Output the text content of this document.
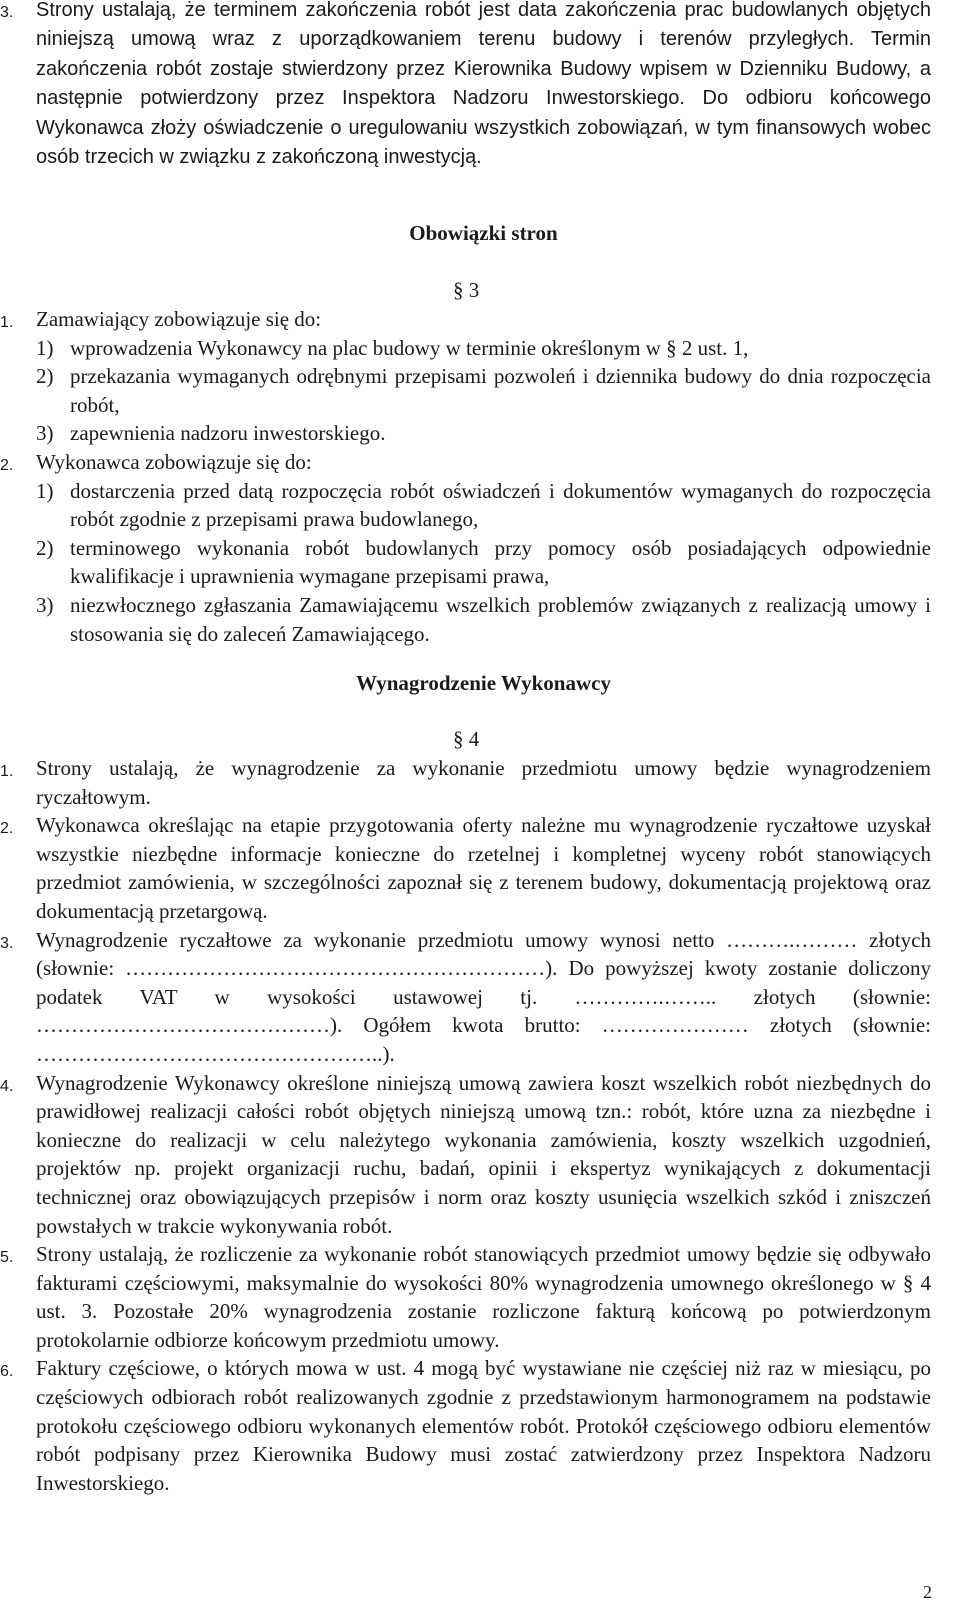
3. Strony ustalają, że terminem zakończenia robót jest data zakończenia prac budowlanych objętych niniejszą umową wraz z uporządkowaniem terenu budowy i terenów przyległych. Termin zakończenia robót zostaje stwierdzony przez Kierownika Budowy wpisem w Dzienniku Budowy, a następnie potwierdzony przez Inspektora Nadzoru Inwestorskiego. Do odbioru końcowego Wykonawca złoży oświadczenie o uregulowaniu wszystkich zobowiązań, w tym finansowych wobec osób trzecich w związku z zakończoną inwestycją.
Obowiązki stron
§ 3
1. Zamawiający zobowiązuje się do:
1) wprowadzenia Wykonawcy na plac budowy w terminie określonym w § 2 ust. 1,
2) przekazania wymaganych odrębnymi przepisami pozwoleń i dziennika budowy do dnia rozpoczęcia robót,
3) zapewnienia nadzoru inwestorskiego.
2. Wykonawca zobowiązuje się do:
1) dostarczenia przed datą rozpoczęcia robót oświadczeń i dokumentów wymaganych do rozpoczęcia robót zgodnie z przepisami prawa budowlanego,
2) terminowego wykonania robót budowlanych przy pomocy osób posiadających odpowiednie kwalifikacje i uprawnienia wymagane przepisami prawa,
3) niezwłocznego zgłaszania Zamawiającemu wszelkich problemów związanych z realizacją umowy i stosowania się do zaleceń Zamawiającego.
Wynagrodzenie Wykonawcy
§ 4
1. Strony ustalają, że wynagrodzenie za wykonanie przedmiotu umowy będzie wynagrodzeniem ryczałtowym.
2. Wykonawca określając na etapie przygotowania oferty należne mu wynagrodzenie ryczałtowe uzyskał wszystkie niezbędne informacje konieczne do rzetelnej i kompletnej wyceny robót stanowiących przedmiot zamówienia, w szczególności zapoznał się z terenem budowy, dokumentacją projektową oraz dokumentacją przetargową.
3. Wynagrodzenie ryczałtowe za wykonanie przedmiotu umowy wynosi netto ……….……… złotych (słownie: ……………………………………………………). Do powyższej kwoty zostanie doliczony podatek VAT w wysokości ustawowej tj. ………….…….. złotych (słownie: ……………………………………). Ogółem kwota brutto: ………………… złotych (słownie: …………………………………………..).
4. Wynagrodzenie Wykonawcy określone niniejszą umową zawiera koszt wszelkich robót niezbędnych do prawidłowej realizacji całości robót objętych niniejszą umową tzn.: robót, które uzna za niezbędne i konieczne do realizacji w celu należytego wykonania zamówienia, koszty wszelkich uzgodnień, projektów np. projekt organizacji ruchu, badań, opinii i ekspertyz wynikających z dokumentacji technicznej oraz obowiązujących przepisów i norm oraz koszty usunięcia wszelkich szkód i zniszczeń powstałych w trakcie wykonywania robót.
5. Strony ustalają, że rozliczenie za wykonanie robót stanowiących przedmiot umowy będzie się odbywało fakturami częściowymi, maksymalnie do wysokości 80% wynagrodzenia umownego określonego w § 4 ust. 3. Pozostałe 20% wynagrodzenia zostanie rozliczone fakturą końcową po potwierdzonym protokolarnie odbiorze końcowym przedmiotu umowy.
6. Faktury częściowe, o których mowa w ust. 4 mogą być wystawiane nie częściej niż raz w miesiącu, po częściowych odbiorach robót realizowanych zgodnie z przedstawionym harmonogramem na podstawie protokołu częściowego odbioru wykonanych elementów robót. Protokół częściowego odbioru elementów robót podpisany przez Kierownika Budowy musi zostać zatwierdzony przez Inspektora Nadzoru Inwestorskiego.
2
